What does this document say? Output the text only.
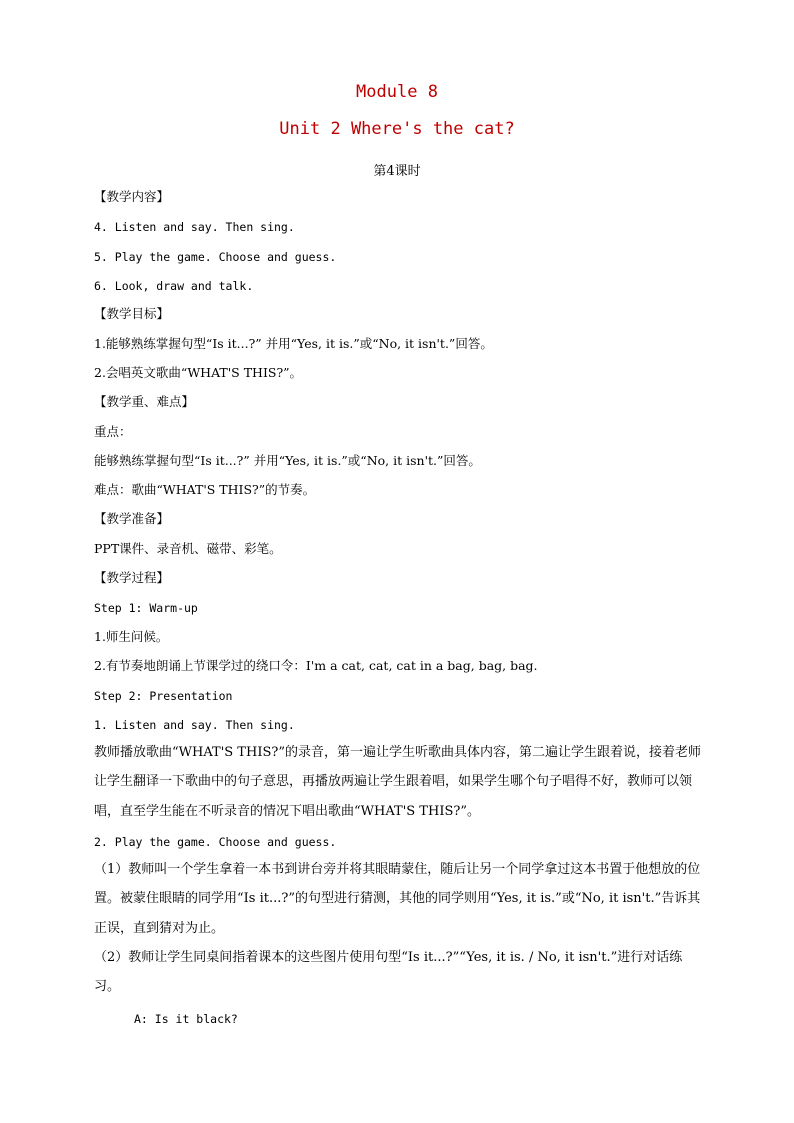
Module 8
Unit 2 Where's the cat?
第4课时
【教学内容】
4. Listen and say. Then sing.
5. Play the game. Choose and guess.
6. Look, draw and talk.
【教学目标】
1.能够熟练掌握句型“Is it...?” 并用“Yes, it is.”或“No, it isn't.”回答。
2.会唱英文歌曲“WHAT'S THIS?”。
【教学重、难点】
重点：
能够熟练掌握句型“Is it...?” 并用“Yes, it is.”或“No, it isn't.”回答。
难点：歌曲“WHAT'S THIS?”的节奏。
【教学准备】
PPT课件、录音机、磁带、彩笔。
【教学过程】
Step 1: Warm-up
1.师生问候。
2.有节奏地朗诵上节课学过的绕口令：I'm a cat, cat, cat in a bag, bag, bag.
Step 2: Presentation
1. Listen and say. Then sing.
教师播放歌曲“WHAT'S THIS?”的录音，第一遍让学生听歌曲具体内容，第二遍让学生跟着说，接着老师让学生翻译一下歌曲中的句子意思，再播放两遍让学生跟着唱，如果学生哪个句子唱得不好，教师可以领唱，直至学生能在不听录音的情况下唱出歌曲“WHAT'S THIS?”。
2. Play the game. Choose and guess.
（1）教师叫一个学生拿着一本书到讲台旁并将其眼睛蒙住，随后让另一个同学拿过这本书置于他想放的位置。被蒙住眼睛的同学用“Is it...?”的句型进行猜测，其他的同学则用“Yes, it is.”或“No, it isn't.”告诉其正误，直到猜对为止。
（2）教师让学生同桌间指着课本的这些图片使用句型“Is it...?”“Yes, it is. / No, it isn't.”进行对话练习。
A: Is it black?
